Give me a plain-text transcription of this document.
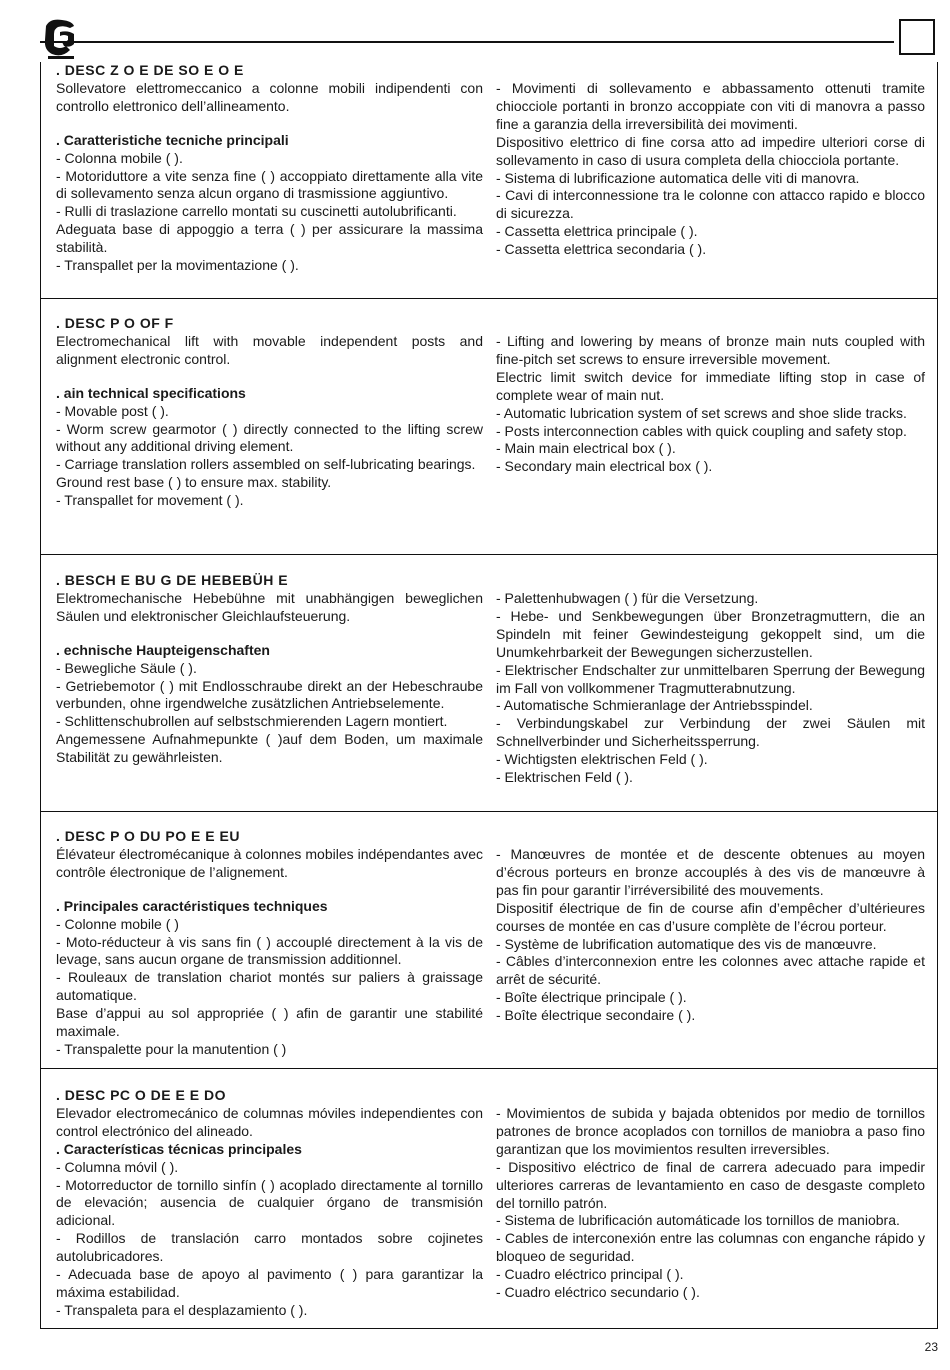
. DESC Z O E DE SO E O E

Sollevatore elettromeccanico a colonne mobili indipendenti con controllo elettronico dell’allineamento.

. Caratteristiche tecniche principali

- Colonna mobile ( ).

- Motoriduttore a vite senza fine ( ) accoppiato direttamente alla vite di sollevamento senza alcun organo di trasmissione aggiuntivo.

- Rulli di traslazione carrello montati su cuscinetti autolubrificanti.

Adeguata base di appoggio a terra ( ) per assicurare la massima stabilità.

- Transpallet per la movimentazione ( ).

- Movimenti di sollevamento e abbassamento ottenuti tramite chiocciole portanti in bronzo accoppiate con viti di manovra a passo fine a garanzia della irreversibilità dei movimenti.

Dispositivo elettrico di fine corsa atto ad impedire ulteriori corse di sollevamento in caso di usura completa della chiocciola portante.

- Sistema di lubrificazione automatica delle viti di manovra.

- Cavi di interconnessione tra le colonne con attacco rapido e blocco di sicurezza.

- Cassetta elettrica principale ( ).

- Cassetta elettrica secondaria ( ).

. DESC P O OF F

Electromechanical lift with movable independent posts and alignment electronic control.

. ain technical specifications

- Movable post ( ).

- Worm screw gearmotor ( ) directly connected to the lifting screw without any additional driving element.

- Carriage translation rollers assembled on self-lubricating bearings.

Ground rest base ( ) to ensure max. stability.

- Transpallet for movement ( ).

- Lifting and lowering by means of bronze main nuts coupled with fine-pitch set screws to ensure irreversible movement.

Electric limit switch device for immediate lifting stop in case of complete wear of main nut.

- Automatic lubrication system of set screws and shoe slide tracks.

- Posts interconnection cables with quick coupling and safety stop.

- Main main electrical box ( ).

- Secondary main electrical box ( ).

. BESCH E BU G DE HEBEBÜH E

Elektromechanische Hebebühne mit unabhängigen beweglichen Säulen und elektronischer Gleichlaufsteuerung.

. echnische Haupteigenschaften

- Bewegliche Säule ( ).

- Getriebemotor ( ) mit Endlosschraube direkt an der Hebeschraube verbunden, ohne irgendwelche zusätzlichen Antriebselemente.

- Schlittenschubrollen auf selbstschmierenden Lagern montiert.

Angemessene Aufnahmepunkte ( )auf dem Boden, um maximale Stabilität zu gewährleisten.

- Palettenhubwagen ( ) für die Versetzung.

- Hebe- und Senkbewegungen über Bronzetragmuttern, die an Spindeln mit feiner Gewindesteigung gekoppelt sind, um die Unumkehrbarkeit der Bewegungen sicherzustellen.

- Elektrischer Endschalter zur unmittelbaren Sperrung der Bewegung im Fall von vollkommener Tragmutterabnutzung.

- Automatische Schmieranlage der Antriebsspindel.

- Verbindungskabel zur Verbindung der zwei Säulen mit Schnellverbinder und Sicherheitssperrung.

- Wichtigsten elektrischen Feld ( ).

- Elektrischen Feld ( ).

. DESC P O DU PO E E EU

Élévateur électromécanique à colonnes mobiles indépendantes avec contrôle électronique de l’alignement.

. Principales caractéristiques techniques

- Colonne mobile ( )

- Moto-réducteur à vis sans fin ( ) accouplé directement à la vis de levage, sans aucun organe de transmission additionnel.

- Rouleaux de translation chariot montés sur paliers à graissage automatique.

Base d’appui au sol appropriée ( ) afin de garantir une stabilité maximale.

- Transpalette pour la manutention ( )

- Manœuvres de montée et de descente obtenues au moyen d’écrous porteurs en bronze accouplés à des vis de manœuvre à pas fin pour garantir l’irréversibilité des mouvements.

Dispositif électrique de fin de course afin d’empêcher d’ultérieures courses de montée en cas d’usure complète de l’écrou porteur.

- Système de lubrification automatique des vis de manœuvre.

- Câbles d’interconnexion entre les colonnes avec attache rapide et arrêt de sécurité.

- Boîte électrique principale ( ).

- Boîte électrique secondaire ( ).

. DESC PC O DE E E DO

Elevador electromecánico de columnas móviles independientes con control electrónico del alineado.

. Características técnicas principales

- Columna móvil ( ).

- Motorreductor de tornillo sinfín ( ) acoplado directamente al tornillo de elevación; ausencia de cualquier órgano de transmisión adicional.

- Rodillos de translación carro montados sobre cojinetes autolubricadores.

- Adecuada base de apoyo al pavimento ( ) para garantizar la máxima estabilidad.

- Transpaleta para el desplazamiento ( ).

- Movimientos de subida y bajada obtenidos por medio de tornillos patrones de bronce acoplados con tornillos de maniobra a paso fino garantizan que los movimientos resulten irreversibles.

- Dispositivo eléctrico de final de carrera adecuado para impedir ulteriores carreras de levantamiento en caso de desgaste completo del tornillo patrón.

- Sistema de lubrificación automáticade los tornillos de maniobra.

- Cables de interconexión entre las columnas con enganche rápido y bloqueo de seguridad.

- Cuadro eléctrico principal ( ).

- Cuadro eléctrico secundario ( ).

23
